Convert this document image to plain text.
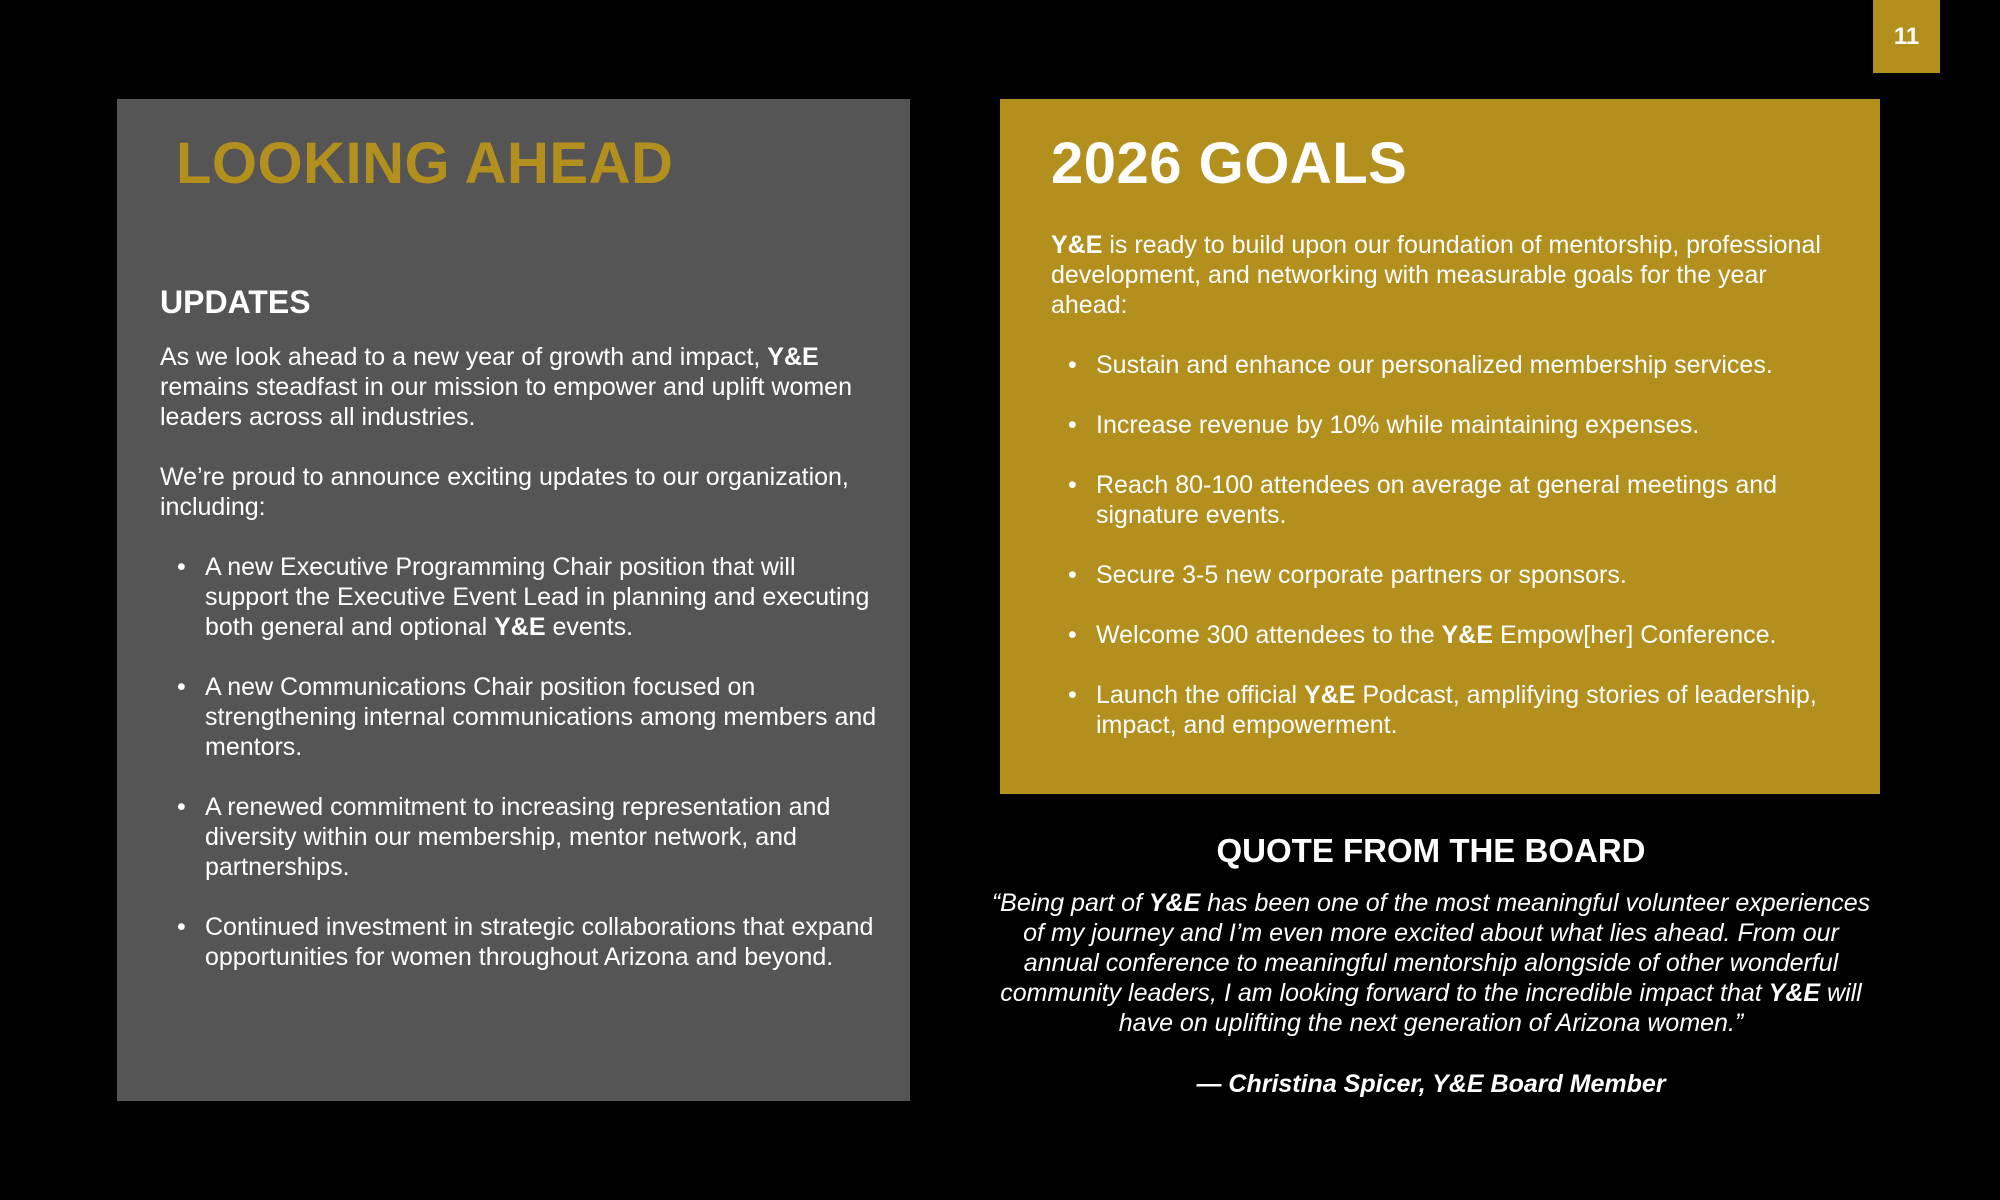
11
LOOKING AHEAD
UPDATES

As we look ahead to a new year of growth and impact, Y&E remains steadfast in our mission to empower and uplift women leaders across all industries.

We’re proud to announce exciting updates to our organization, including:

• A new Executive Programming Chair position that will support the Executive Event Lead in planning and executing both general and optional Y&E events.
• A new Communications Chair position focused on strengthening internal communications among members and mentors.
• A renewed commitment to increasing representation and diversity within our membership, mentor network, and partnerships.
• Continued investment in strategic collaborations that expand opportunities for women throughout Arizona and beyond.
2026 GOALS

Y&E is ready to build upon our foundation of mentorship, professional development, and networking with measurable goals for the year ahead:

• Sustain and enhance our personalized membership services.
• Increase revenue by 10% while maintaining expenses.
• Reach 80-100 attendees on average at general meetings and signature events.
• Secure 3-5 new corporate partners or sponsors.
• Welcome 300 attendees to the Y&E Empow[her] Conference.
• Launch the official Y&E Podcast, amplifying stories of leadership, impact, and empowerment.
QUOTE FROM THE BOARD

“Being part of Y&E has been one of the most meaningful volunteer experiences of my journey and I’m even more excited about what lies ahead. From our annual conference to meaningful mentorship alongside of other wonderful community leaders, I am looking forward to the incredible impact that Y&E will have on uplifting the next generation of Arizona women.”

— Christina Spicer, Y&E Board Member
